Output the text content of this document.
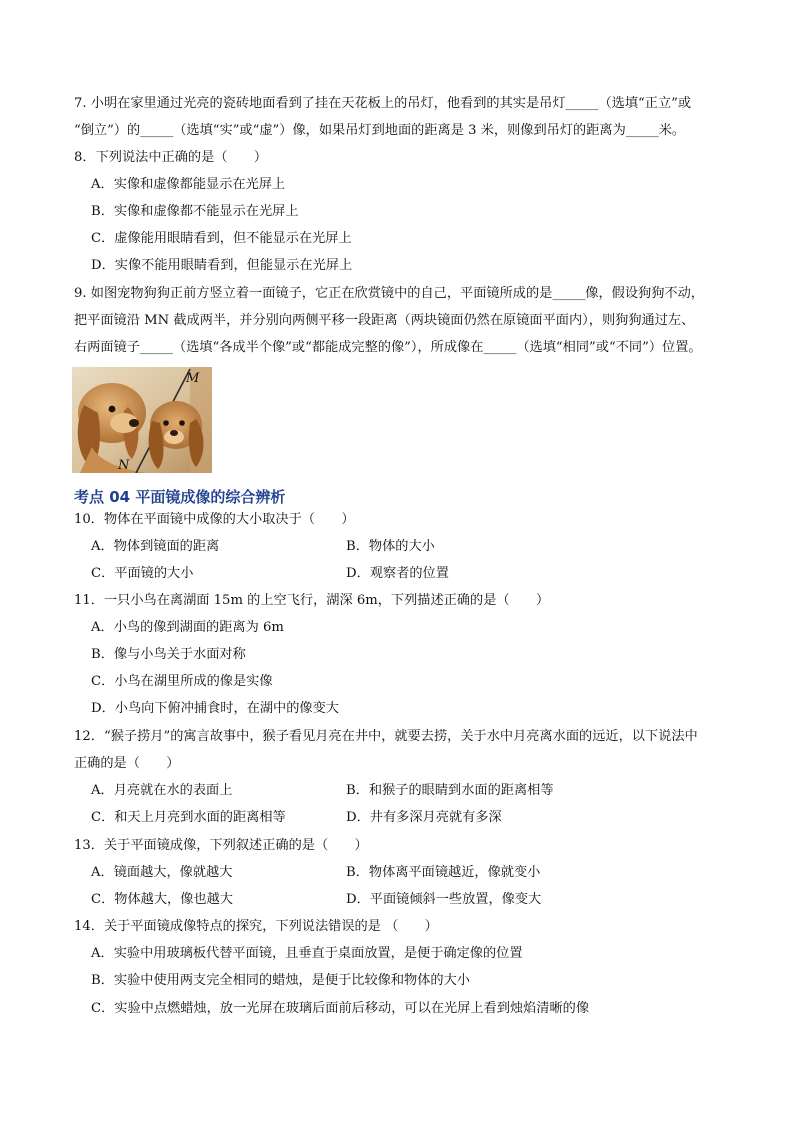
7. 小明在家里通过光亮的瓷砖地面看到了挂在天花板上的吊灯，他看到的其实是吊灯_____（选填“正立”或
“倒立”）的_____（选填“实”或“虚”）像，如果吊灯到地面的距离是 3 米，则像到吊灯的距离为_____米。
8．下列说法中正确的是（　　）
A．实像和虚像都能显示在光屏上
B．实像和虚像都不能显示在光屏上
C．虚像能用眼睛看到，但不能显示在光屏上
D．实像不能用眼睛看到，但能显示在光屏上
9. 如图宠物狗狗正前方竖立着一面镜子，它正在欣赏镜中的自己，平面镜所成的是_____像，假设狗狗不动，
把平面镜沿 MN 截成两半，并分别向两侧平移一段距离（两块镜面仍然在原镜面平面内），则狗狗通过左、
右两面镜子_____（选填“各成半个像”或“都能成完整的像”），所成像在_____（选填“相同”或“不同”）位置。
M
N
考点 04 平面镜成像的综合辨析
10．物体在平面镜中成像的大小取决于（　　）
A．物体到镜面的距离	B．物体的大小
C．平面镜的大小	D．观察者的位置
11．一只小鸟在离湖面 15m 的上空飞行，湖深 6m，下列描述正确的是（　　）
A．小鸟的像到湖面的距离为 6m
B．像与小鸟关于水面对称
C．小鸟在湖里所成的像是实像
D．小鸟向下俯冲捕食时，在湖中的像变大
12．“猴子捞月”的寓言故事中，猴子看见月亮在井中，就要去捞，关于水中月亮离水面的远近，以下说法中
正确的是（　　）
A．月亮就在水的表面上	B．和猴子的眼睛到水面的距离相等
C．和天上月亮到水面的距离相等	D．井有多深月亮就有多深
13．关于平面镜成像，下列叙述正确的是（　　）
A．镜面越大，像就越大	B．物体离平面镜越近，像就变小
C．物体越大，像也越大	D．平面镜倾斜一些放置，像变大
14．关于平面镜成像特点的探究，下列说法错误的是 （　　）
A．实验中用玻璃板代替平面镜，且垂直于桌面放置，是便于确定像的位置
B．实验中使用两支完全相同的蜡烛，是便于比较像和物体的大小
C．实验中点燃蜡烛，放一光屏在玻璃后面前后移动，可以在光屏上看到烛焰清晰的像
